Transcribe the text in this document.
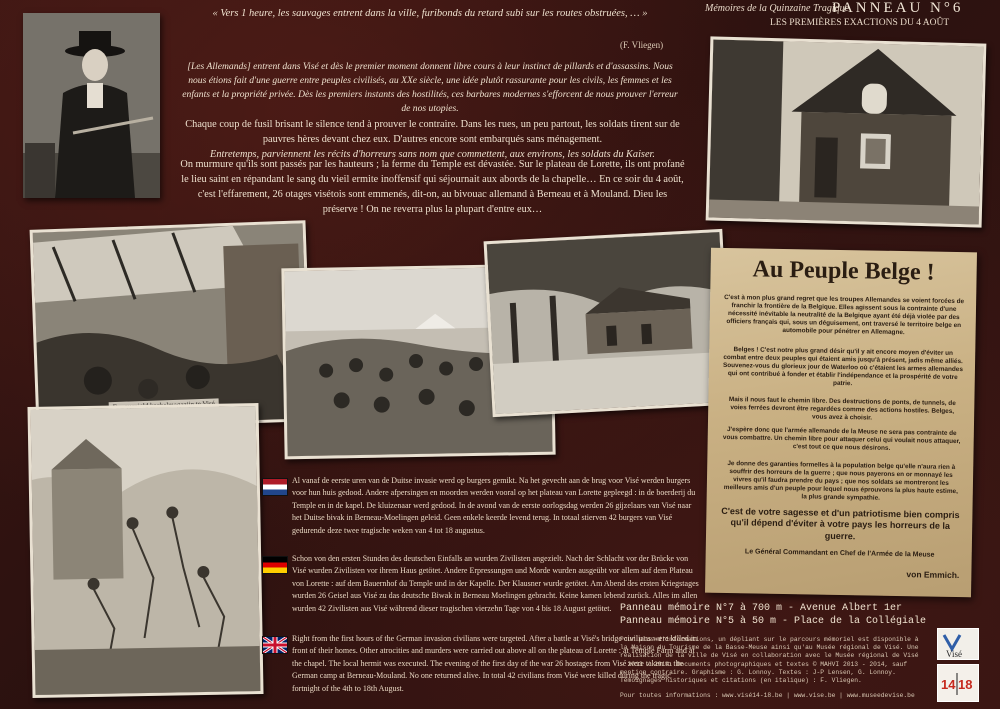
Mémoires de la Quinzaine Tragique
PANNEAU N°6
LES PREMIÈRES EXACTIONS DU 4 AOÛT
« Vers 1 heure, les sauvages entrent dans la ville, furibonds du retard subi sur les routes obstruées, … »
(F. Vliegen)
[Les Allemands] entrent dans Visé et dès le premier moment donnent libre cours à leur instinct de pillards et d'assassins. Nous nous étions fait d'une guerre entre peuples civilisés, au XXe siècle, une idée plutôt rassurante pour les civils, les femmes et les enfants et la propriété privée. Dès les premiers instants des hostilités, ces barbares modernes s'efforcent de nous prouver l'erreur de nos utopies.
Chaque coup de fusil brisant le silence tend à prouver le contraire. Dans les rues, un peu partout, les soldats tirent sur de pauvres hères devant chez eux. D'autres encore sont embarqués sans ménagement.
Entretemps, parviennent les récits d'horreurs sans nom que commettent, aux environs, les soldats du Kaiser.
On murmure qu'ils sont passés par les hauteurs ; la ferme du Temple est dévastée. Sur le plateau de Lorette, ils ont profané le lieu saint en répandant le sang du vieil ermite inoffensif qui séjournait aux abords de la chapelle… En ce soir du 4 août, c'est l'effarement, 26 otages visétois sont emmenés, dit-on, au bivouac allemand à Berneau et à Mouland. Dieu les préserve ! On ne reverra plus la plupart d'entre eux…
Au Peuple Belge !
C'est à mon plus grand regret que les troupes Allemandes se voient forcées de franchir la frontière de la Belgique. Elles agissent sous la contrainte d'une nécessité inévitable la neutralité de la Belgique ayant été déjà violée par des officiers français qui, sous un déguisement, ont traversé le territoire belge en automobile pour pénétrer en Allemagne.
Belges ! C'est notre plus grand désir qu'il y ait encore moyen d'éviter un combat entre deux peuples qui étaient amis jusqu'à présent, jadis même alliés. Souvenez-vous du glorieux jour de Waterloo où c'étaient les armes allemandes qui ont contribué à fonder et établir l'indépendance et la prospérité de votre patrie.
Mais il nous faut le chemin libre. Des destructions de ponts, de tunnels, de voies ferrées devront être regardées comme des actions hostiles. Belges, vous avez à choisir.
J'espère donc que l'armée allemande de la Meuse ne sera pas contrainte de vous combattre. Un chemin libre pour attaquer celui qui voulait nous attaquer, c'est tout ce que nous désirons.
Je donne des garanties formelles à la population belge qu'elle n'aura rien à souffrir des horreurs de la guerre ; que nous payerons en or monnayé les vivres qu'il faudra prendre du pays ; que nos soldats se montreront les meilleurs amis d'un peuple pour lequel nous éprouvons la plus haute estime, la plus grande sympathie.
C'est de votre sagesse et d'un patriotisme bien compris qu'il dépend d'éviter à votre pays les horreurs de la guerre.
Le Général Commandant en Chef de l'Armée de la Meuse
von Emmich.
Al vanaf de eerste uren van de Duitse invasie werd op burgers gemikt. Na het gevecht aan de brug voor Visé werden burgers voor hun huis gedood. Andere afpersingen en moorden werden vooral op het plateau van Lorette gepleegd : in de boerderij du Temple en in de kapel. De kluizenaar werd gedood. In de avond van de eerste oorlogsdag werden 26 gijzelaars van Visé naar het Duitse bivak in Berneau-Moelingen geleid. Geen enkele keerde levend terug. In totaal stierven 42 burgers van Visé gedurende deze twee tragische weken van 4 tot 18 augustus.
Schon von den ersten Stunden des deutschen Einfalls an wurden Zivilisten angezielt. Nach der Schlacht vor der Brücke von Visé wurden Zivilisten vor ihrem Haus getötet. Andere Erpressungen und Morde wurden ausgeübt vor allem auf dem Plateau von Lorette : auf dem Bauernhof du Temple und in der Kapelle. Der Klausner wurde getötet. Am Abend des ersten Kriegstages wurden 26 Geisel aus Visé zu das deutsche Biwak in Berneau Moelingen gebracht. Keine kamen lebend zurück. Alles im allen wurden 42 Zivilisten aus Visé während dieser tragischen vierzehn Tage von 4 bis 18 August getötet.
Right from the first hours of the German invasion civilians were targeted. After a battle at Visé's bridge civilians were killed in front of their homes. Other atrocities and murders were carried out above all on the plateau of Lorette : at Temple Farm and at the chapel. The local hermit was executed. The evening of the first day of the war 26 hostages from Visé were taken to the German camp at Berneau-Mouland. No one returned alive. In total 42 civilians from Visé were killed during the tragic fortnight of the 4th to 18th August.
Panneau mémoire N°7 à 700 m - Avenue Albert 1er
Panneau mémoire N°5 à 50 m - Place de la Collégiale
Pour plus d'informations, un dépliant sur le parcours mémoriel est disponible à la Maison du Tourisme de la Basse-Meuse ainsi qu'au Musée régional de Visé. Une réalisation de la ville de Visé en collaboration avec le Musée régional de Visé - 2013 / 2014. Documents photographiques et textes © MAHVI 2013 - 2014, sauf mention contraire. Graphisme : G. Lonnoy. Textes : J-P Lensen, G. Lonnoy. Témoignages historiques et citations (en italique) : F. Vliegen.
Pour toutes informations : www.visé14-18.be | www.vise.be | www.museedevise.be
Visé
14 18
